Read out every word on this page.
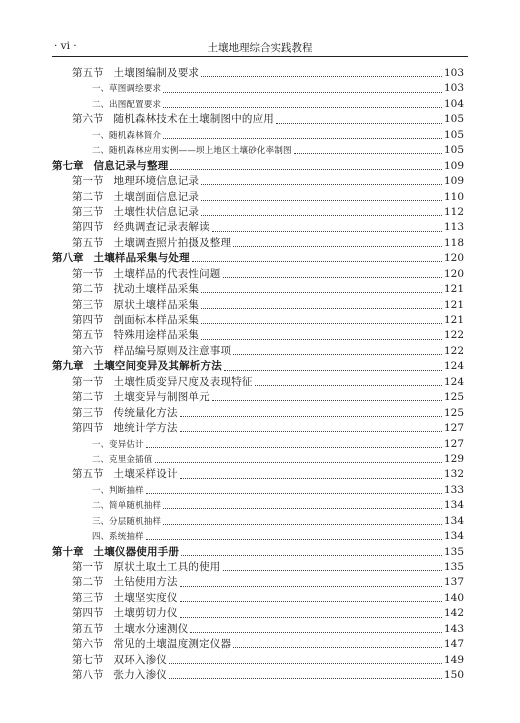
· vi ·	土壤地理综合实践教程
第五节 土壤图编制及要求	103
一、 草图调绘要求	103
二、 出图配置要求	104
第六节 随机森林技术在土壤制图中的应用	105
一、 随机森林简介	105
二、 随机森林应用实例——坝上地区土壤砂化率制图	105
第七章 信息记录与整理	109
第一节 地理环境信息记录	109
第二节 土壤剖面信息记录	110
第三节 土壤性状信息记录	112
第四节 经典调查记录表解读	113
第五节 土壤调查照片拍摄及整理	118
第八章 土壤样品采集与处理	120
第一节 土壤样品的代表性问题	120
第二节 扰动土壤样品采集	121
第三节 原状土壤样品采集	121
第四节 剖面标本样品采集	121
第五节 特殊用途样品采集	122
第六节 样品编号原则及注意事项	122
第九章 土壤空间变异及其解析方法	124
第一节 土壤性质变异尺度及表现特征	124
第二节 土壤变异与制图单元	125
第三节 传统量化方法	125
第四节 地统计学方法	127
一、 变异估计	127
二、 克里金插值	129
第五节 土壤采样设计	132
一、 判断抽样	133
二、 简单随机抽样	134
三、 分层随机抽样	134
四、 系统抽样	134
第十章 土壤仪器使用手册	135
第一节 原状土取土工具的使用	135
第二节 土钻使用方法	137
第三节 土壤坚实度仪	140
第四节 土壤剪切力仪	142
第五节 土壤水分速测仪	143
第六节 常见的土壤温度测定仪器	147
第七节 双环入渗仪	149
第八节 张力入渗仪	150
